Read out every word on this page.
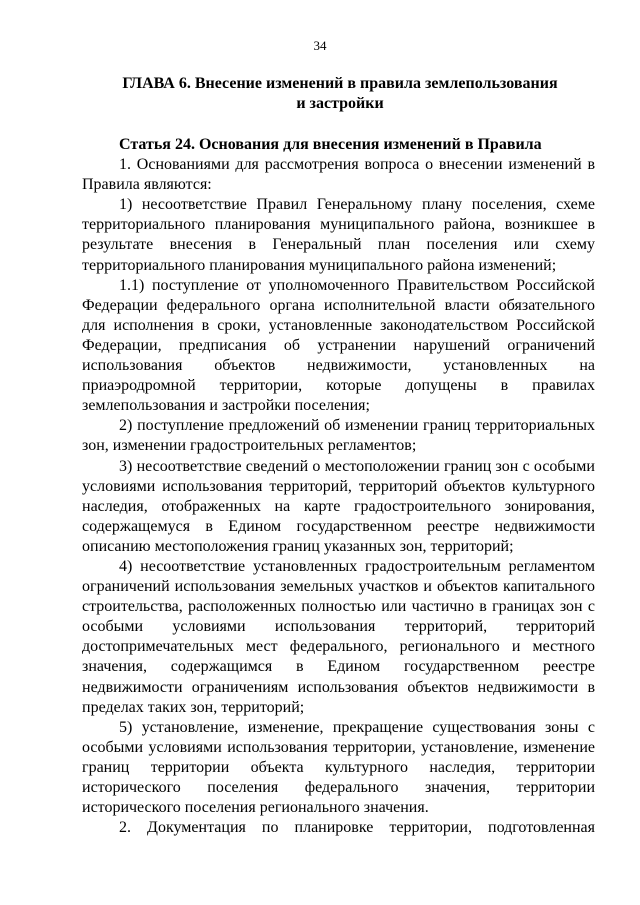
34
ГЛАВА 6. Внесение изменений в правила землепользования
и застройки

Статья 24. Основания для внесения изменений в Правила

1. Основаниями для рассмотрения вопроса о внесении изменений в Правила являются:

1) несоответствие Правил Генеральному плану поселения, схеме территориального планирования муниципального района, возникшее в результате внесения в Генеральный план поселения или схему территориального планирования муниципального района изменений;

1.1) поступление от уполномоченного Правительством Российской Федерации федерального органа исполнительной власти обязательного для исполнения в сроки, установленные законодательством Российской Федерации, предписания об устранении нарушений ограничений использования объектов недвижимости, установленных на приаэродромной территории, которые допущены в правилах землепользования и застройки поселения;

2) поступление предложений об изменении границ территориальных зон, изменении градостроительных регламентов;

3) несоответствие сведений о местоположении границ зон с особыми условиями использования территорий, территорий объектов культурного наследия, отображенных на карте градостроительного зонирования, содержащемуся в Едином государственном реестре недвижимости описанию местоположения границ указанных зон, территорий;

4) несоответствие установленных градостроительным регламентом ограничений использования земельных участков и объектов капитального строительства, расположенных полностью или частично в границах зон с особыми условиями использования территорий, территорий достопримечательных мест федерального, регионального и местного значения, содержащимся в Едином государственном реестре недвижимости ограничениям использования объектов недвижимости в пределах таких зон, территорий;

5) установление, изменение, прекращение существования зоны с особыми условиями использования территории, установление, изменение границ территории объекта культурного наследия, территории исторического поселения федерального значения, территории исторического поселения регионального значения.

2. Документация по планировке территории, подготовленная
